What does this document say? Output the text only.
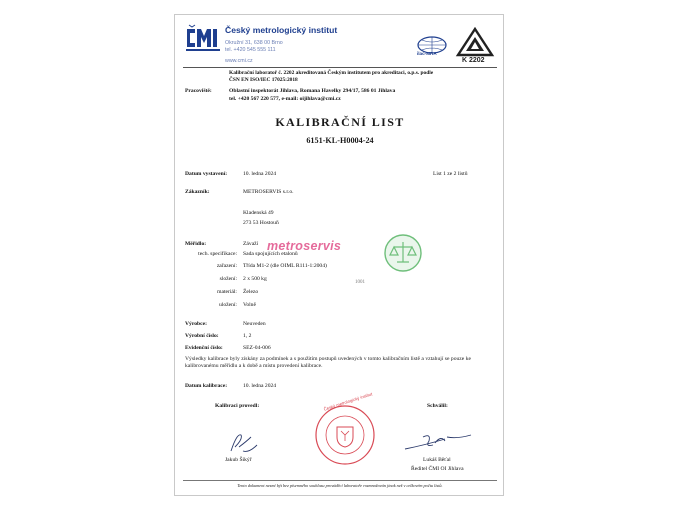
Český metrologický institut
Okružní 31, 638 00 Brno
tel. +420 545 555 111
www.cmi.cz
ilac-MRA
K 2202
Kalibrační laboratoř č. 2202 akreditovaná Českým institutem pro akreditaci, o.p.s. podle
ČSN EN ISO/IEC 17025:2018
Pracoviště:	Oblastní inspektorát Jihlava, Romana Havelky 294/17, 586 01 Jihlava
tel. +420 567 220 577, e-mail: oijihlava@cmi.cz
KALIBRAČNÍ LIST
6151-KL-H0004-24
Datum vystavení:	10. ledna 2024	List 1 ze 2 listů
Zákazník:	METROSERVIS s.r.o.
Kladenská 49
273 53 Hostouň
metroservis
1001
Měřidlo:	Závaží
tech. specifikace: Sada spojujících etalonů
zařazení: Třída M1-2 (dle OIML R111-1:2004)
složení: 2 x 500 kg
materiál: Železo
uložení: Volně
Výrobce:	Neuveden
Výrobní číslo:	1, 2
Evidenční číslo:	SEZ-04-006
Výsledky kalibrace byly získány za podmínek a s použitím postupů uvedených v tomto kalibračním listě a vztahují se pouze ke kalibrovanému měřidlu a k době a místu provedení kalibrace.
Datum kalibrace:	10. ledna 2024
Kalibraci provedl:	Schválil:
Český metrologický institut
Jakub Šikýř	Lukáš Běťal
Ředitel ČMI OI Jihlava
Tento dokument nesmí být bez písemného souhlasu prováděcí laboratoře rozmnožován jinak než v celkovém počtu listů.
